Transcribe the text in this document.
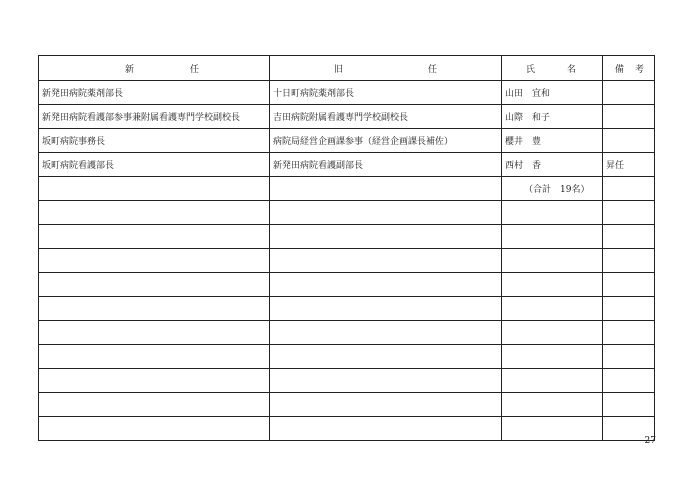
新 任	旧 任	氏 名	備 考

新発田病院薬剤部長	十日町病院薬剤部長	山田　宜和	
新発田病院看護部参事兼附属看護専門学校副校長	吉田病院附属看護専門学校副校長	山際　和子	
坂町病院事務長	病院局経営企画課参事（経営企画課長補佐）	櫻井　豊	
坂町病院看護部長	新発田病院看護副部長	西村　香	昇任
		（合計　19名）	

27
